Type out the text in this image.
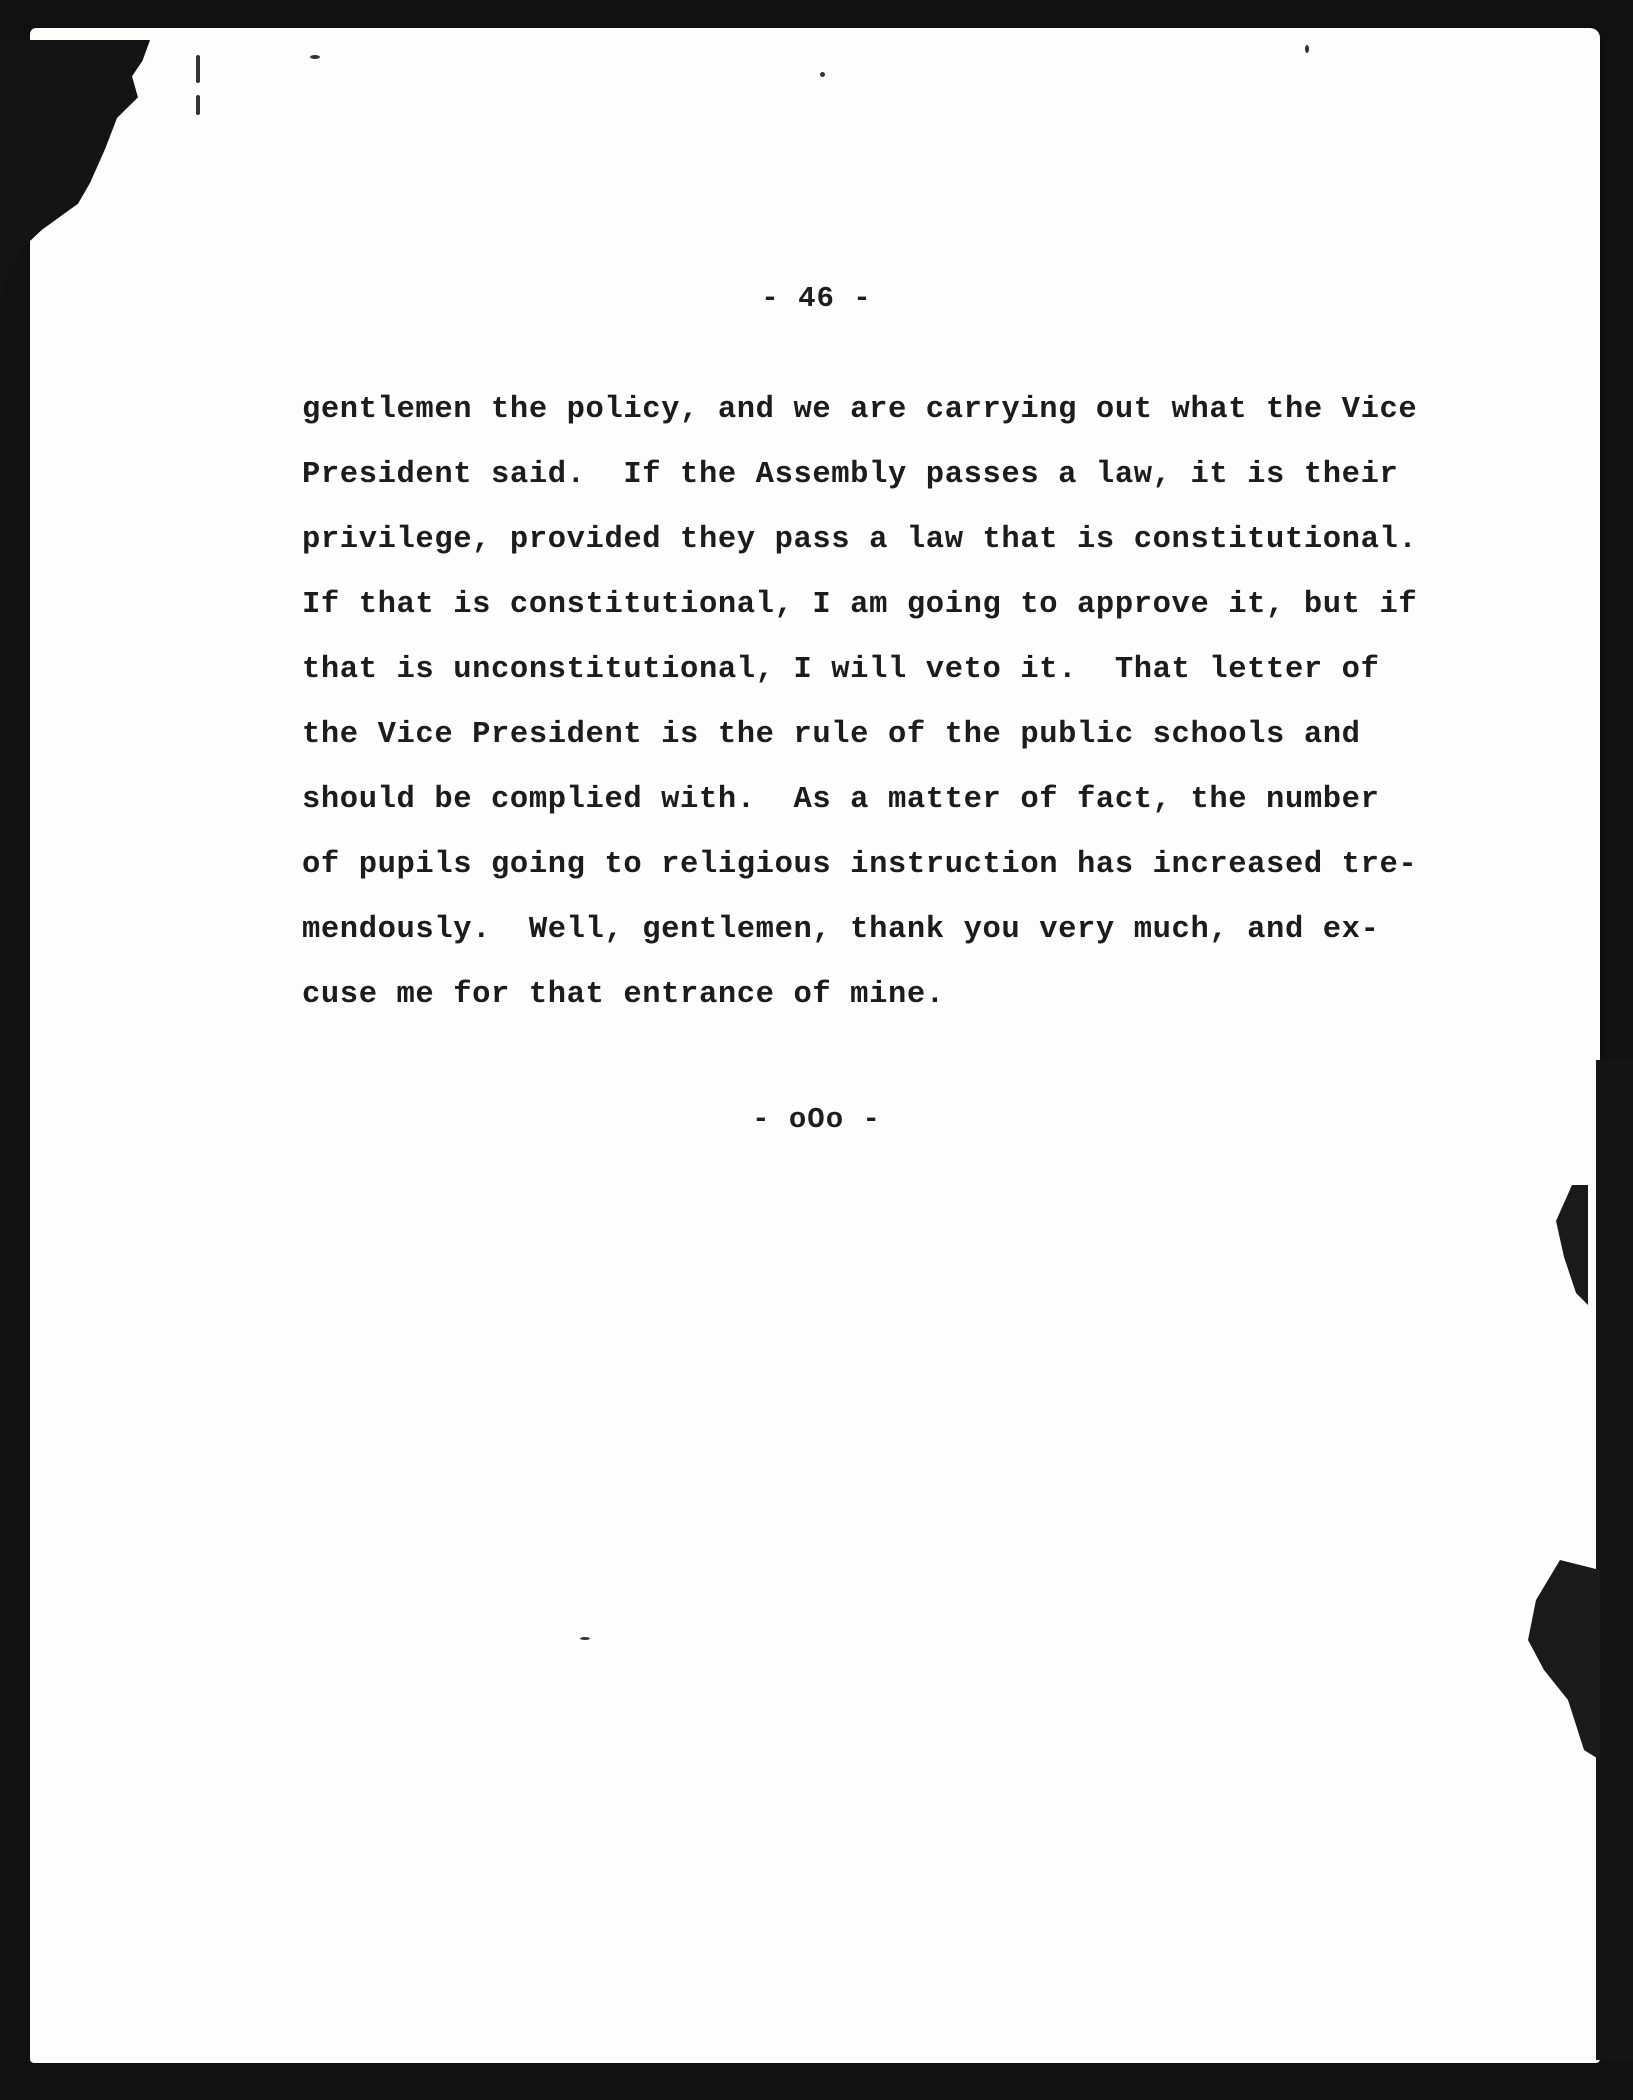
- 46 -
gentlemen the policy, and we are carrying out what the Vice
President said.  If the Assembly passes a law, it is their
privilege, provided they pass a law that is constitutional.
If that is constitutional, I am going to approve it, but if
that is unconstitutional, I will veto it.  That letter of
the Vice President is the rule of the public schools and
should be complied with.  As a matter of fact, the number
of pupils going to religious instruction has increased tre-
mendously.  Well, gentlemen, thank you very much, and ex-
cuse me for that entrance of mine.
- oOo -
